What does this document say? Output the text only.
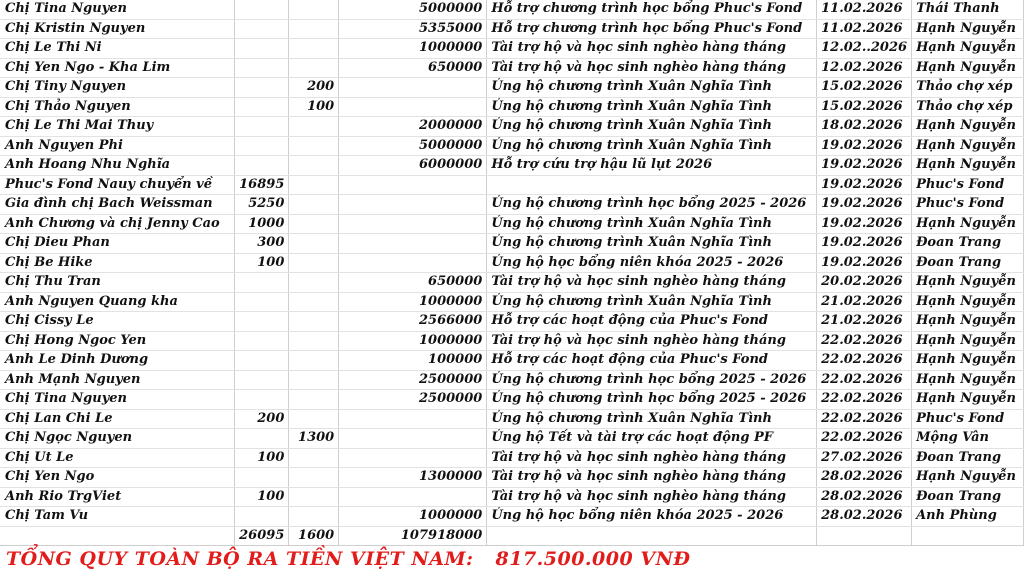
Chị Tina Nguyen			5000000	Hỗ trợ chương trình học bổng Phuc's Fond	11.02.2026	Thái Thanh
Chị Kristin Nguyen			5355000	Hỗ trợ chương trình học bổng Phuc's Fond	11.02.2026	Hạnh Nguyễn
Chị Le Thi Ni			1000000	Tài trợ hộ và học sinh nghèo hàng tháng	12.02..2026	Hạnh Nguyễn
Chị Yen Ngo - Kha Lim			650000	Tài trợ hộ và học sinh nghèo hàng tháng	12.02.2026	Hạnh Nguyễn
Chị Tiny Nguyen		200		Ủng hộ chương trình Xuân Nghĩa Tình	15.02.2026	Thảo chợ xép
Chị Thảo Nguyen		100		Ủng hộ chương trình Xuân Nghĩa Tình	15.02.2026	Thảo chợ xép
Chị Le Thi Mai Thuy			2000000	Ủng hộ chương trình Xuân Nghĩa Tình	18.02.2026	Hạnh Nguyễn
Anh Nguyen Phi			5000000	Ủng hộ chương trình Xuân Nghĩa Tình	19.02.2026	Hạnh Nguyễn
Anh Hoang Nhu Nghĩa			6000000	Hỗ trợ cứu trợ hậu lũ lụt 2026	19.02.2026	Hạnh Nguyễn
Phuc's Fond Nauy chuyển về	16895				19.02.2026	Phuc's Fond
Gia đình chị Bach Weissman	5250			Ủng hộ chương trình học bổng 2025 - 2026	19.02.2026	Phuc's Fond
Anh Chương và chị Jenny Cao	1000			Ủng hộ chương trình Xuân Nghĩa Tình	19.02.2026	Hạnh Nguyễn
Chị Dieu Phan	300			Ủng hộ chương trình Xuân Nghĩa Tình	19.02.2026	Đoan Trang
Chị Be Hike	100			Ủng hộ học bổng niên khóa 2025 - 2026	19.02.2026	Đoan Trang
Chị Thu Tran			650000	Tài trợ hộ và học sinh nghèo hàng tháng	20.02.2026	Hạnh Nguyễn
Anh Nguyen Quang kha			1000000	Ủng hộ chương trình Xuân Nghĩa Tình	21.02.2026	Hạnh Nguyễn
Chị Cissy Le			2566000	Hỗ trợ các hoạt động của Phuc's Fond	21.02.2026	Hạnh Nguyễn
Chị Hong Ngoc Yen			1000000	Tài trợ hộ và học sinh nghèo hàng tháng	22.02.2026	Hạnh Nguyễn
Anh Le Dinh Dương			100000	Hỗ trợ các hoạt động của Phuc's Fond	22.02.2026	Hạnh Nguyễn
Anh Mạnh Nguyen			2500000	Ủng hộ chương trình học bổng 2025 - 2026	22.02.2026	Hạnh Nguyễn
Chị Tina Nguyen			2500000	Ủng hộ chương trình học bổng 2025 - 2026	22.02.2026	Hạnh Nguyễn
Chị Lan Chi Le	200			Ủng hộ chương trình Xuân Nghĩa Tình	22.02.2026	Phuc's Fond
Chị Ngọc Nguyen		1300		Ủng hộ Tết và tài trợ các hoạt động PF	22.02.2026	Mộng Vân
Chị Ut Le	100			Tài trợ hộ và học sinh nghèo hàng tháng	27.02.2026	Đoan Trang
Chị Yen Ngo			1300000	Tài trợ hộ và học sinh nghèo hàng tháng	28.02.2026	Hạnh Nguyễn
Anh Rio TrgViet	100			Tài trợ hộ và học sinh nghèo hàng tháng	28.02.2026	Đoan Trang
Chị Tam Vu			1000000	Ủng hộ học bổng niên khóa 2025 - 2026	28.02.2026	Anh Phùng
	26095	1600	107918000			
TỔNG QUY TOÀN BỘ RA TIỀN VIỆT NAM: 817.500.000 VNĐ
